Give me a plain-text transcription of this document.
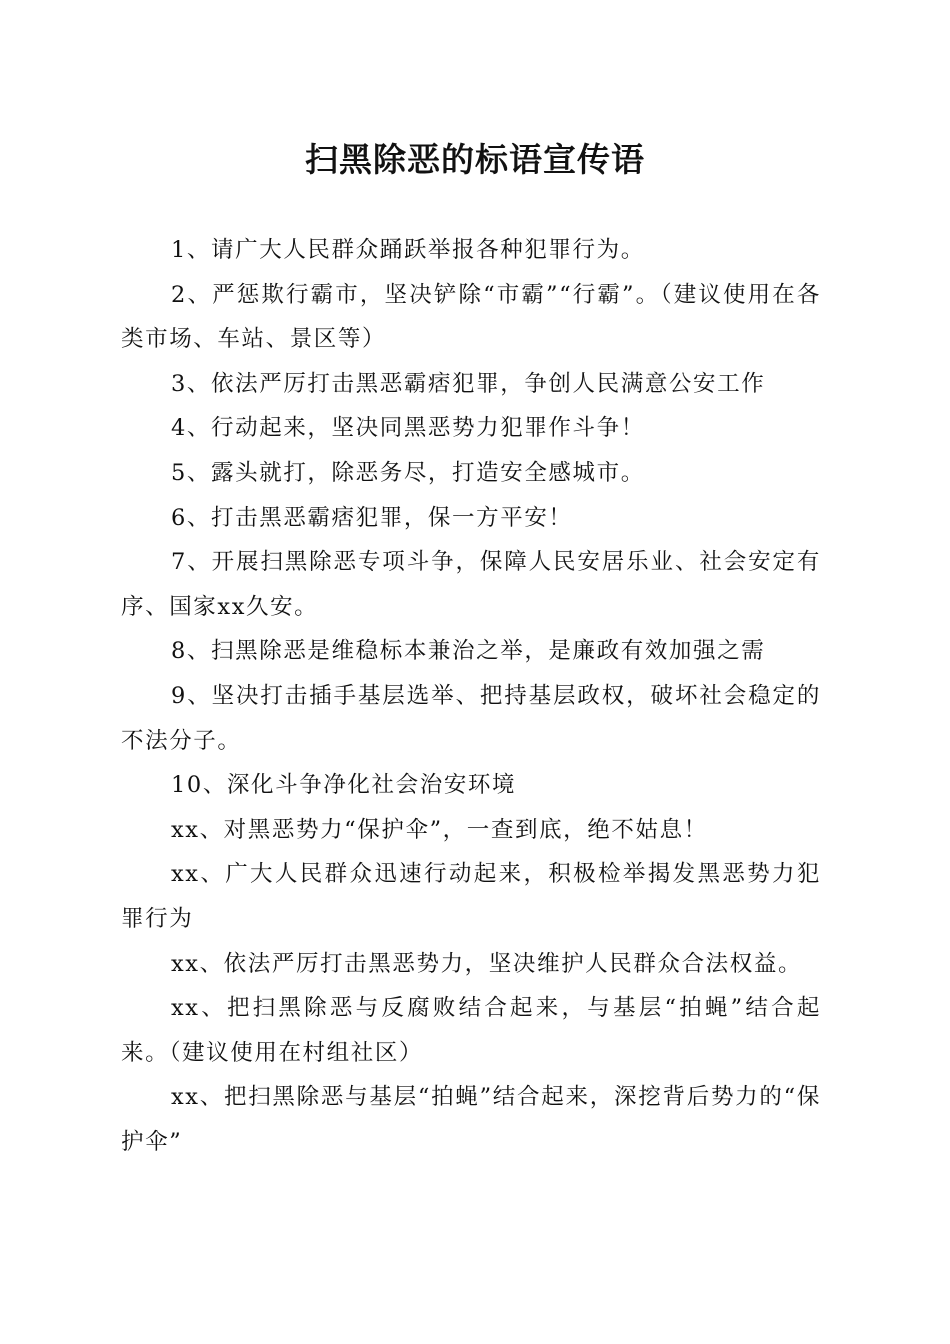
扫黑除恶的标语宣传语

1、请广大人民群众踊跃举报各种犯罪行为。

2、严惩欺行霸市，坚决铲除“市霸”“行霸”。（建议使用在各类市场、车站、景区等）

3、依法严厉打击黑恶霸痞犯罪，争创人民满意公安工作

4、行动起来，坚决同黑恶势力犯罪作斗争！

5、露头就打，除恶务尽，打造安全感城市。

6、打击黑恶霸痞犯罪，保一方平安！

7、开展扫黑除恶专项斗争，保障人民安居乐业、社会安定有序、国家xx久安。

8、扫黑除恶是维稳标本兼治之举，是廉政有效加强之需

9、坚决打击插手基层选举、把持基层政权，破坏社会稳定的不法分子。

10、深化斗争净化社会治安环境

xx、对黑恶势力“保护伞”，一查到底，绝不姑息！

xx、广大人民群众迅速行动起来，积极检举揭发黑恶势力犯罪行为

xx、依法严厉打击黑恶势力，坚决维护人民群众合法权益。

xx、把扫黑除恶与反腐败结合起来，与基层“拍蝇”结合起来。（建议使用在村组社区）

xx、把扫黑除恶与基层“拍蝇”结合起来，深挖背后势力的“保护伞”
